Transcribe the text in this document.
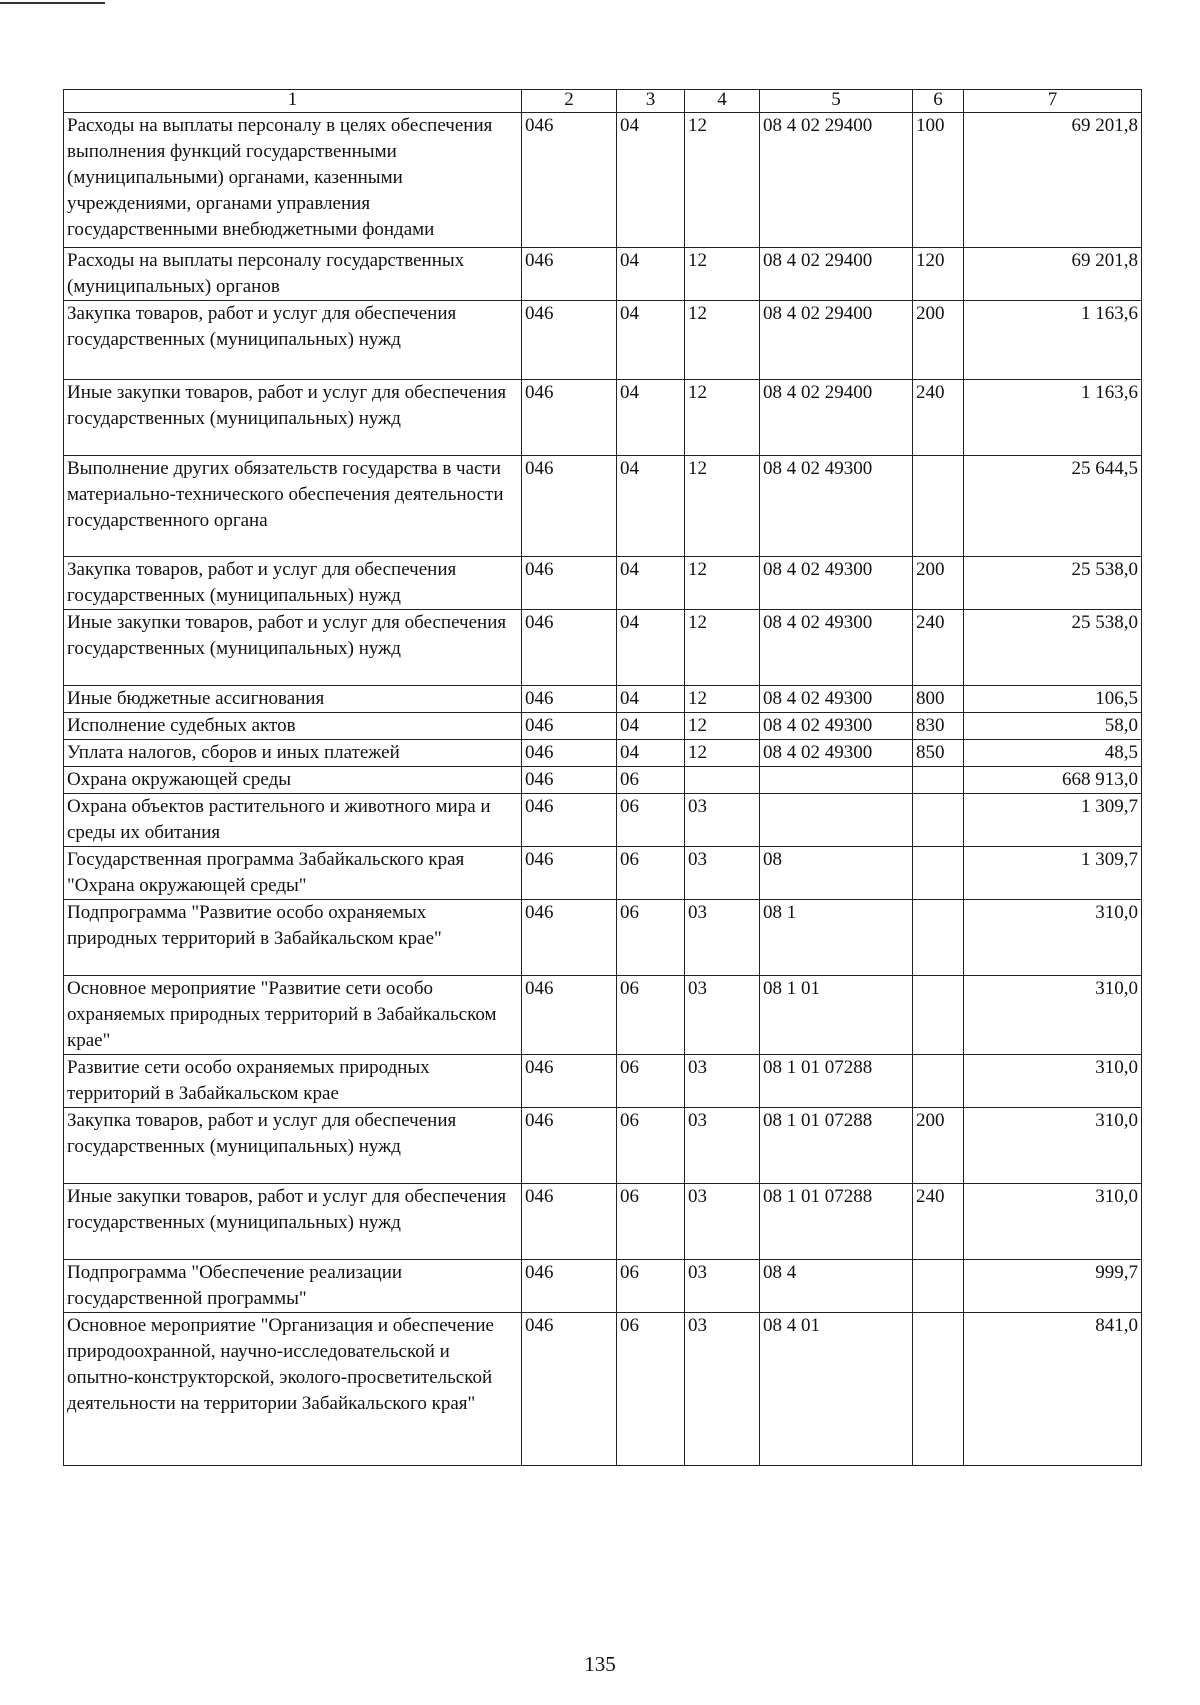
1	2	3	4	5	6	7
Расходы на выплаты персоналу в целях обеспечения выполнения функций государственными (муниципальными) органами, казенными учреждениями, органами управления государственными внебюджетными фондами	046	04	12	08 4 02 29400	100	69 201,8
Расходы на выплаты персоналу государственных (муниципальных) органов	046	04	12	08 4 02 29400	120	69 201,8
Закупка товаров, работ и услуг для обеспечения государственных (муниципальных) нужд	046	04	12	08 4 02 29400	200	1 163,6
Иные закупки товаров, работ и услуг для обеспечения государственных (муниципальных) нужд	046	04	12	08 4 02 29400	240	1 163,6
Выполнение других обязательств государства в части материально-технического обеспечения деятельности государственного органа	046	04	12	08 4 02 49300		25 644,5
Закупка товаров, работ и услуг для обеспечения государственных (муниципальных) нужд	046	04	12	08 4 02 49300	200	25 538,0
Иные закупки товаров, работ и услуг для обеспечения государственных (муниципальных) нужд	046	04	12	08 4 02 49300	240	25 538,0
Иные бюджетные ассигнования	046	04	12	08 4 02 49300	800	106,5
Исполнение судебных актов	046	04	12	08 4 02 49300	830	58,0
Уплата налогов, сборов и иных платежей	046	04	12	08 4 02 49300	850	48,5
Охрана окружающей среды	046	06				668 913,0
Охрана объектов растительного и животного мира и среды их обитания	046	06	03			1 309,7
Государственная программа Забайкальского края "Охрана окружающей среды"	046	06	03	08		1 309,7
Подпрограмма "Развитие особо охраняемых природных территорий в Забайкальском крае"	046	06	03	08 1		310,0
Основное мероприятие "Развитие сети особо охраняемых природных территорий в Забайкальском крае"	046	06	03	08 1 01		310,0
Развитие сети особо охраняемых природных территорий в Забайкальском крае	046	06	03	08 1 01 07288		310,0
Закупка товаров, работ и услуг для обеспечения государственных (муниципальных) нужд	046	06	03	08 1 01 07288	200	310,0
Иные закупки товаров, работ и услуг для обеспечения государственных (муниципальных) нужд	046	06	03	08 1 01 07288	240	310,0
Подпрограмма "Обеспечение реализации государственной программы"	046	06	03	08 4		999,7
Основное мероприятие "Организация и обеспечение природоохранной, научно-исследовательской и опытно-конструкторской, эколого-просветительской деятельности на территории Забайкальского края"	046	06	03	08 4 01		841,0
135
